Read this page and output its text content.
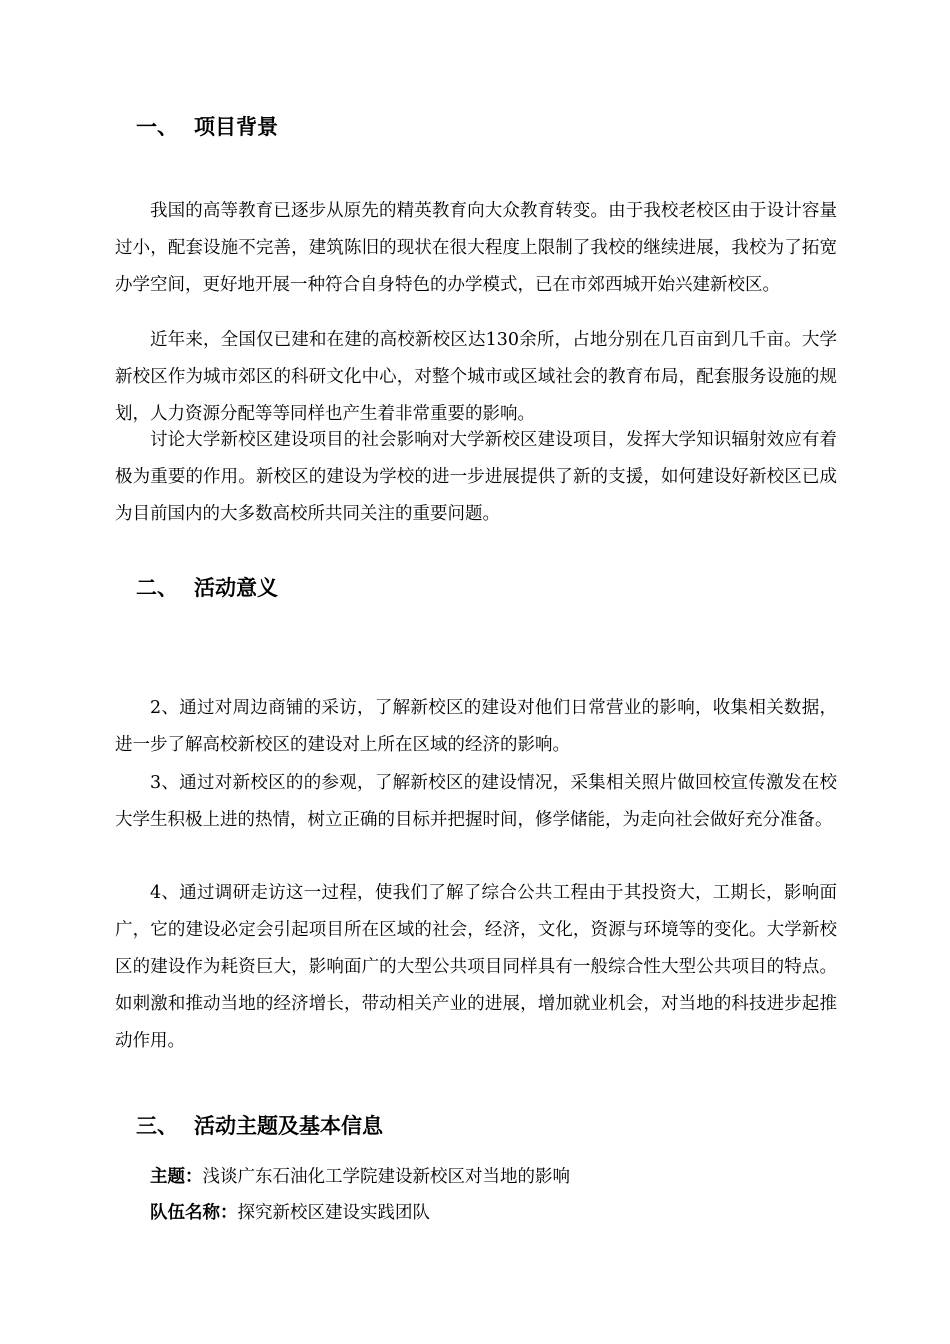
一、 项目背景

我国的高等教育已逐步从原先的精英教育向大众教育转变。由于我校老校区由于设计容量过小，配套设施不完善，建筑陈旧的现状在很大程度上限制了我校的继续进展，我校为了拓宽办学空间，更好地开展一种符合自身特色的办学模式，已在市郊西城开始兴建新校区。

近年来，全国仅已建和在建的高校新校区达130余所，占地分别在几百亩到几千亩。大学新校区作为城市郊区的科研文化中心，对整个城市或区域社会的教育布局，配套服务设施的规划，人力资源分配等等同样也产生着非常重要的影响。

讨论大学新校区建设项目的社会影响对大学新校区建设项目，发挥大学知识辐射效应有着极为重要的作用。新校区的建设为学校的进一步进展提供了新的支援，如何建设好新校区已成为目前国内的大多数高校所共同关注的重要问题。

二、 活动意义

2、通过对周边商铺的采访，了解新校区的建设对他们日常营业的影响，收集相关数据，进一步了解高校新校区的建设对上所在区域的经济的影响。

3、通过对新校区的的参观，了解新校区的建设情况，采集相关照片做回校宣传激发在校大学生积极上进的热情，树立正确的目标并把握时间，修学储能，为走向社会做好充分准备。

4、通过调研走访这一过程，使我们了解了综合公共工程由于其投资大，工期长，影响面广，它的建设必定会引起项目所在区域的社会，经济，文化，资源与环境等的变化。大学新校区的建设作为耗资巨大，影响面广的大型公共项目同样具有一般综合性大型公共项目的特点。如刺激和推动当地的经济增长，带动相关产业的进展，增加就业机会，对当地的科技进步起推动作用。

三、 活动主题及基本信息
主题：浅谈广东石油化工学院建设新校区对当地的影响
队伍名称：探究新校区建设实践团队
